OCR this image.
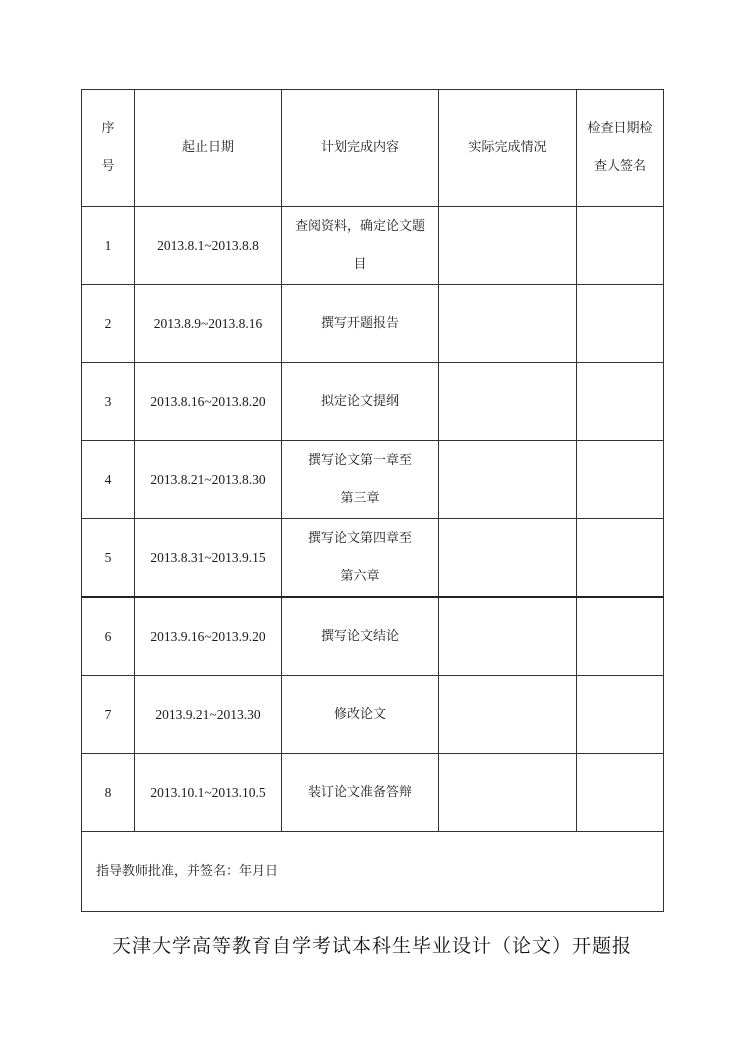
序号	起止日期	计划完成内容	实际完成情况	检查日期检查人签名
1	2013.8.1~2013.8.8	查阅资料，确定论文题目		
2	2013.8.9~2013.8.16	撰写开题报告		
3	2013.8.16~2013.8.20	拟定论文提纲		
4	2013.8.21~2013.8.30	撰写论文第一章至第三章		
5	2013.8.31~2013.9.15	撰写论文第四章至第六章		
6	2013.9.16~2013.9.20	撰写论文结论		
7	2013.9.21~2013.30	修改论文		
8	2013.10.1~2013.10.5	装订论文准备答辩		
指导教师批准，并签名：年月日				
天津大学高等教育自学考试本科生毕业设计（论文）开题报
